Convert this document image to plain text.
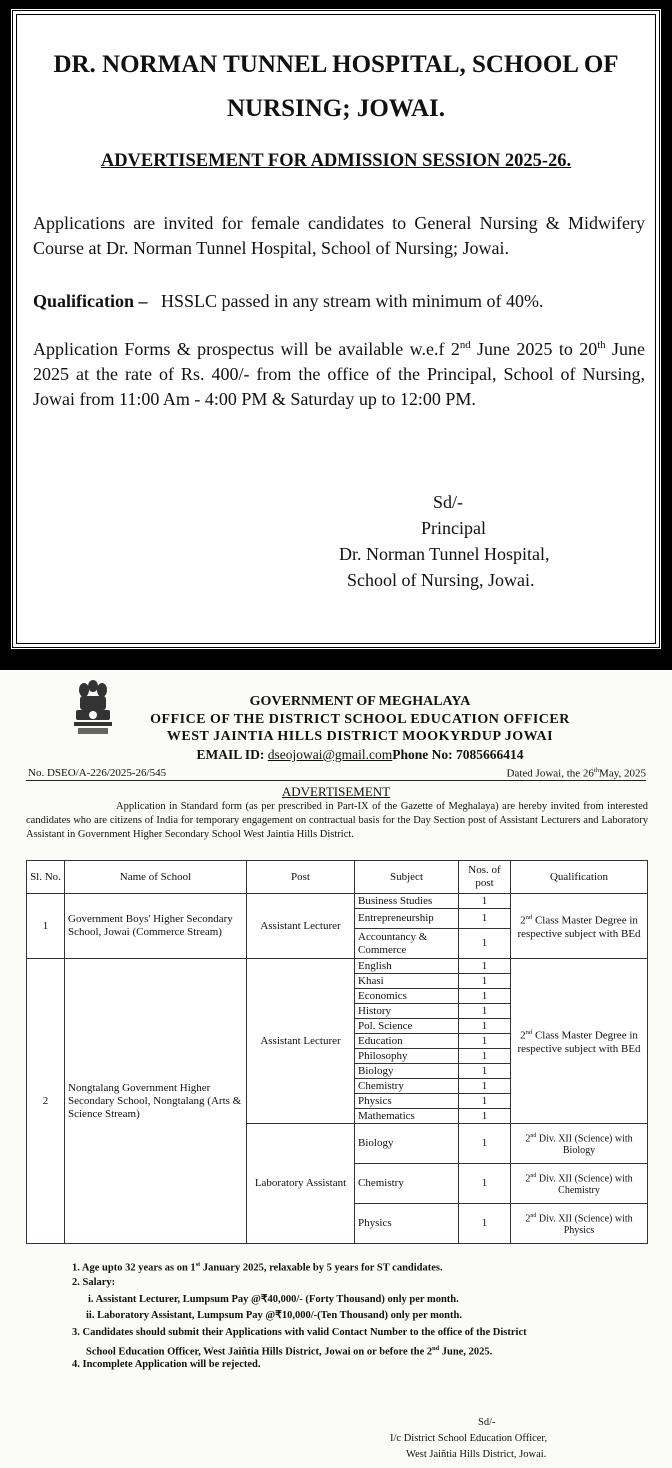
DR. NORMAN TUNNEL HOSPITAL, SCHOOL OF
NURSING; JOWAI.
ADVERTISEMENT FOR ADMISSION SESSION 2025-26.
Applications are invited for female candidates to General Nursing & Midwifery Course at Dr. Norman Tunnel Hospital, School of Nursing; Jowai.
Qualification – HSSLC passed in any stream with minimum of 40%.
Application Forms & prospectus will be available w.e.f 2nd June 2025 to 20th June 2025 at the rate of Rs. 400/- from the office of the Principal, School of Nursing, Jowai from 11:00 Am - 4:00 PM & Saturday up to 12:00 PM.
Sd/-
Principal
Dr. Norman Tunnel Hospital,
School of Nursing, Jowai.
GOVERNMENT OF MEGHALAYA
OFFICE OF THE DISTRICT SCHOOL EDUCATION OFFICER
WEST JAINTIA HILLS DISTRICT MOOKYRDUP JOWAI
EMAIL ID: dseojowai@gmail.comPhone No: 7085666414
No. DSEO/A-226/2025-26/545	Dated Jowai, the 26thMay, 2025
ADVERTISEMENT
Application in Standard form (as per prescribed in Part-IX of the Gazette of Meghalaya) are hereby invited from interested candidates who are citizens of India for temporary engagement on contractual basis for the Day Section post of Assistant Lecturers and Laboratory Assistant in Government Higher Secondary School West Jaintia Hills District.
Sl. No.	Name of School	Post	Subject	Nos. of post	Qualification
1	Government Boys' Higher Secondary School, Jowai (Commerce Stream)	Assistant Lecturer	Business Studies	1	2nd Class Master Degree in respective subject with BEd
			Entrepreneurship	1	
			Accountancy & Commerce	1	
2	Nongtalang Government Higher Secondary School, Nongtalang (Arts & Science Stream)	Assistant Lecturer	English	1	2nd Class Master Degree in respective subject with BEd
			Khasi	1	
			Economics	1	
			History	1	
			Pol. Science	1	
			Education	1	
			Philosophy	1	
			Biology	1	
			Chemistry	1	
			Physics	1	
			Mathematics	1	
		Laboratory Assistant	Biology	1	2nd Div. XII (Science) with Biology
			Chemistry	1	2nd Div. XII (Science) with Chemistry
			Physics	1	2nd Div. XII (Science) with Physics
1. Age upto 32 years as on 1st January 2025, relaxable by 5 years for ST candidates.
2. Salary:
i. Assistant Lecturer, Lumpsum Pay @₹40,000/- (Forty Thousand) only per month.
ii. Laboratory Assistant, Lumpsum Pay @₹10,000/-(Ten Thousand) only per month.
3. Candidates should submit their Applications with valid Contact Number to the office of the District
School Education Officer, West Jaiñtia Hills District, Jowai on or before the 2nd June, 2025.
4. Incomplete Application will be rejected.
Sd/-
I/c District School Education Officer,
West Jaiñtia Hills District, Jowai.
